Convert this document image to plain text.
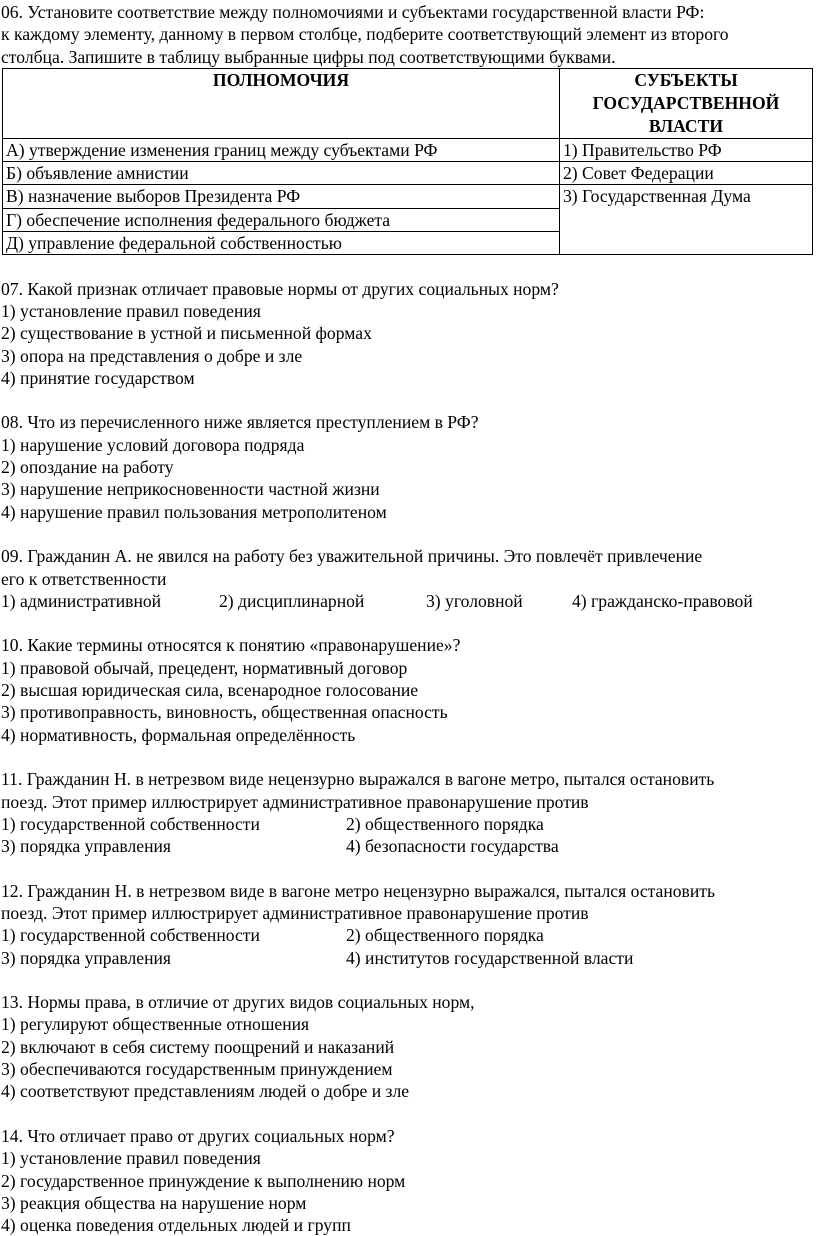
06. Установите соответствие между полномочиями и субъектами государственной власти РФ:
к каждому элементу, данному в первом столбце, подберите соответствующий элемент из второго
столбца. Запишите в таблицу выбранные цифры под соответствующими буквами.
ПОЛНОМОЧИЯ	СУБЪЕКТЫ
ГОСУДАРСТВЕННОЙ
ВЛАСТИ

А) утверждение изменения границ между субъектами РФ	1) Правительство РФ
Б) объявление амнистии	2) Совет Федерации
В) назначение выборов Президента РФ	3) Государственная Дума
Г) обеспечение исполнения федерального бюджета	
Д) управление федеральной собственностью	
07. Какой признак отличает правовые нормы от других социальных норм?
1) установление правил поведения
2) существование в устной и письменной формах
3) опора на представления о добре и зле
4) принятие государством
08. Что из перечисленного ниже является преступлением в РФ?
1) нарушение условий договора подряда
2) опоздание на работу
3) нарушение неприкосновенности частной жизни
4) нарушение правил пользования метрополитеном
09. Гражданин А. не явился на работу без уважительной причины. Это повлечёт привлечение
его к ответственности
1) административной	2) дисциплинарной	3) уголовной	4) гражданско-правовой
10. Какие термины относятся к понятию «правонарушение»?
1) правовой обычай, прецедент, нормативный договор
2) высшая юридическая сила, всенародное голосование
3) противоправность, виновность, общественная опасность
4) нормативность, формальная определённость
11. Гражданин Н. в нетрезвом виде нецензурно выражался в вагоне метро, пытался остановить
поезд. Этот пример иллюстрирует административное правонарушение против
1) государственной собственности	2) общественного порядка
3) порядка управления	4) безопасности государства
12. Гражданин Н. в нетрезвом виде в вагоне метро нецензурно выражался, пытался остановить
поезд. Этот пример иллюстрирует административное правонарушение против
1) государственной собственности	2) общественного порядка
3) порядка управления	4) институтов государственной власти
13. Нормы права, в отличие от других видов социальных норм,
1) регулируют общественные отношения
2) включают в себя систему поощрений и наказаний
3) обеспечиваются государственным принуждением
4) соответствуют представлениям людей о добре и зле
14. Что отличает право от других социальных норм?
1) установление правил поведения
2) государственное принуждение к выполнению норм
3) реакция общества на нарушение норм
4) оценка поведения отдельных людей и групп
